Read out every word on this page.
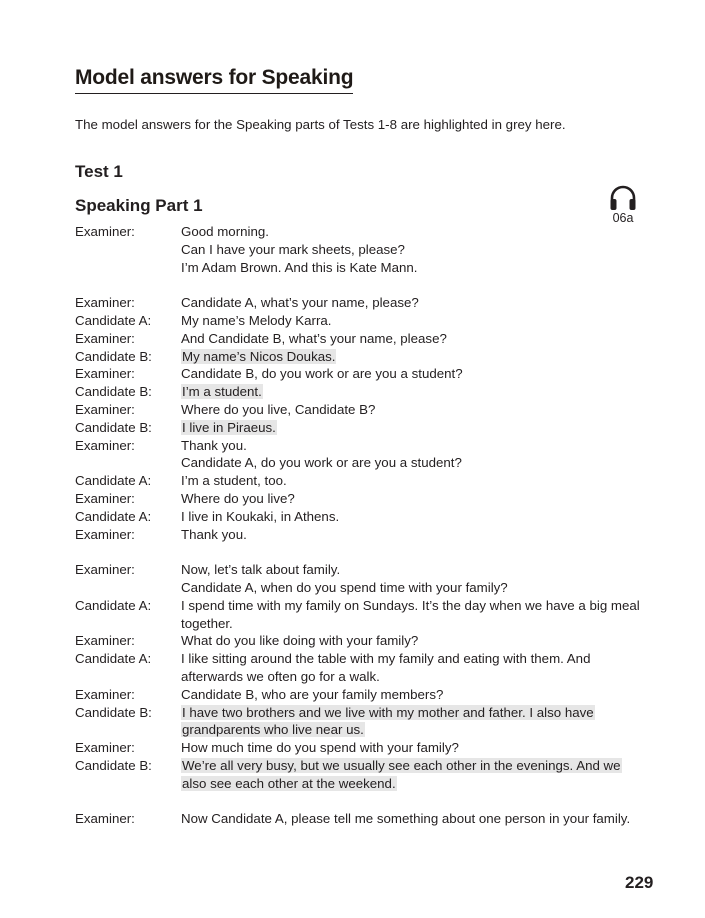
Model answers for Speaking
The model answers for the Speaking parts of Tests 1-8 are highlighted in grey here.
Test 1
Speaking Part 1
06a
Examiner:	Good morning.
Can I have your mark sheets, please?
I’m Adam Brown. And this is Kate Mann.
Examiner:	Candidate A, what’s your name, please?
Candidate A:	My name’s Melody Karra.
Examiner:	And Candidate B, what’s your name, please?
Candidate B:	My name’s Nicos Doukas.
Examiner:	Candidate B, do you work or are you a student?
Candidate B:	I’m a student.
Examiner:	Where do you live, Candidate B?
Candidate B:	I live in Piraeus.
Examiner:	Thank you.
Candidate A, do you work or are you a student?
Candidate A:	I’m a student, too.
Examiner:	Where do you live?
Candidate A:	I live in Koukaki, in Athens.
Examiner:	Thank you.
Examiner:	Now, let’s talk about family.
Candidate A, when do you spend time with your family?
Candidate A:	I spend time with my family on Sundays. It’s the day when we have a big meal together.
Examiner:	What do you like doing with your family?
Candidate A:	I like sitting around the table with my family and eating with them. And afterwards we often go for a walk.
Examiner:	Candidate B, who are your family members?
Candidate B:	I have two brothers and we live with my mother and father. I also have grandparents who live near us.
Examiner:	How much time do you spend with your family?
Candidate B:	We’re all very busy, but we usually see each other in the evenings. And we also see each other at the weekend.
Examiner:	Now Candidate A, please tell me something about one person in your family.
229
